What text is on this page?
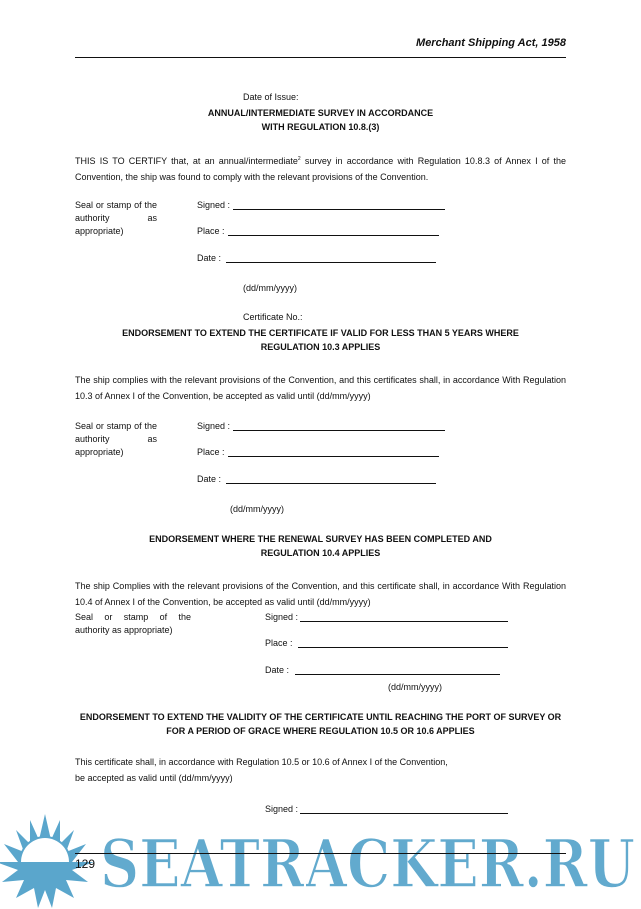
Merchant Shipping Act, 1958
Date of Issue:
ANNUAL/INTERMEDIATE SURVEY IN ACCORDANCE
WITH REGULATION 10.8.(3)
THIS IS TO CERTIFY that, at an annual/intermediate$^2$ survey in accordance with Regulation 10.8.3 of Annex I of the Convention, the ship was found to comply with the relevant provisions of the Convention.
Seal or stamp of the authority as appropriate)
Signed :
Place :
Date :
(dd/mm/yyyy)
Certificate No.:
ENDORSEMENT TO EXTEND THE CERTIFICATE IF VALID FOR LESS THAN 5 YEARS WHERE
REGULATION 10.3 APPLIES
The ship complies with the relevant provisions of the Convention, and this certificates shall, in accordance With Regulation 10.3 of Annex I of the Convention, be accepted as valid until (dd/mm/yyyy)
Seal or stamp of the authority as appropriate)
Signed :
Place :
Date :
(dd/mm/yyyy)
ENDORSEMENT WHERE THE RENEWAL SURVEY HAS BEEN COMPLETED AND
REGULATION 10.4 APPLIES
The ship Complies with the relevant provisions of the Convention, and this certificate shall, in accordance With Regulation 10.4 of Annex I of the Convention, be accepted as valid until (dd/mm/yyyy)
Seal or stamp of the authority as appropriate)
Signed :
Place :
Date :
(dd/mm/yyyy)
ENDORSEMENT TO EXTEND THE VALIDITY OF THE CERTIFICATE UNTIL REACHING THE PORT OF SURVEY OR
FOR A PERIOD OF GRACE WHERE REGULATION 10.5 OR 10.6 APPLIES
This certificate shall, in accordance with Regulation 10.5 or 10.6 of Annex I of the Convention,
be accepted as valid until (dd/mm/yyyy)
Signed :
SEATRACKER.RU
129
